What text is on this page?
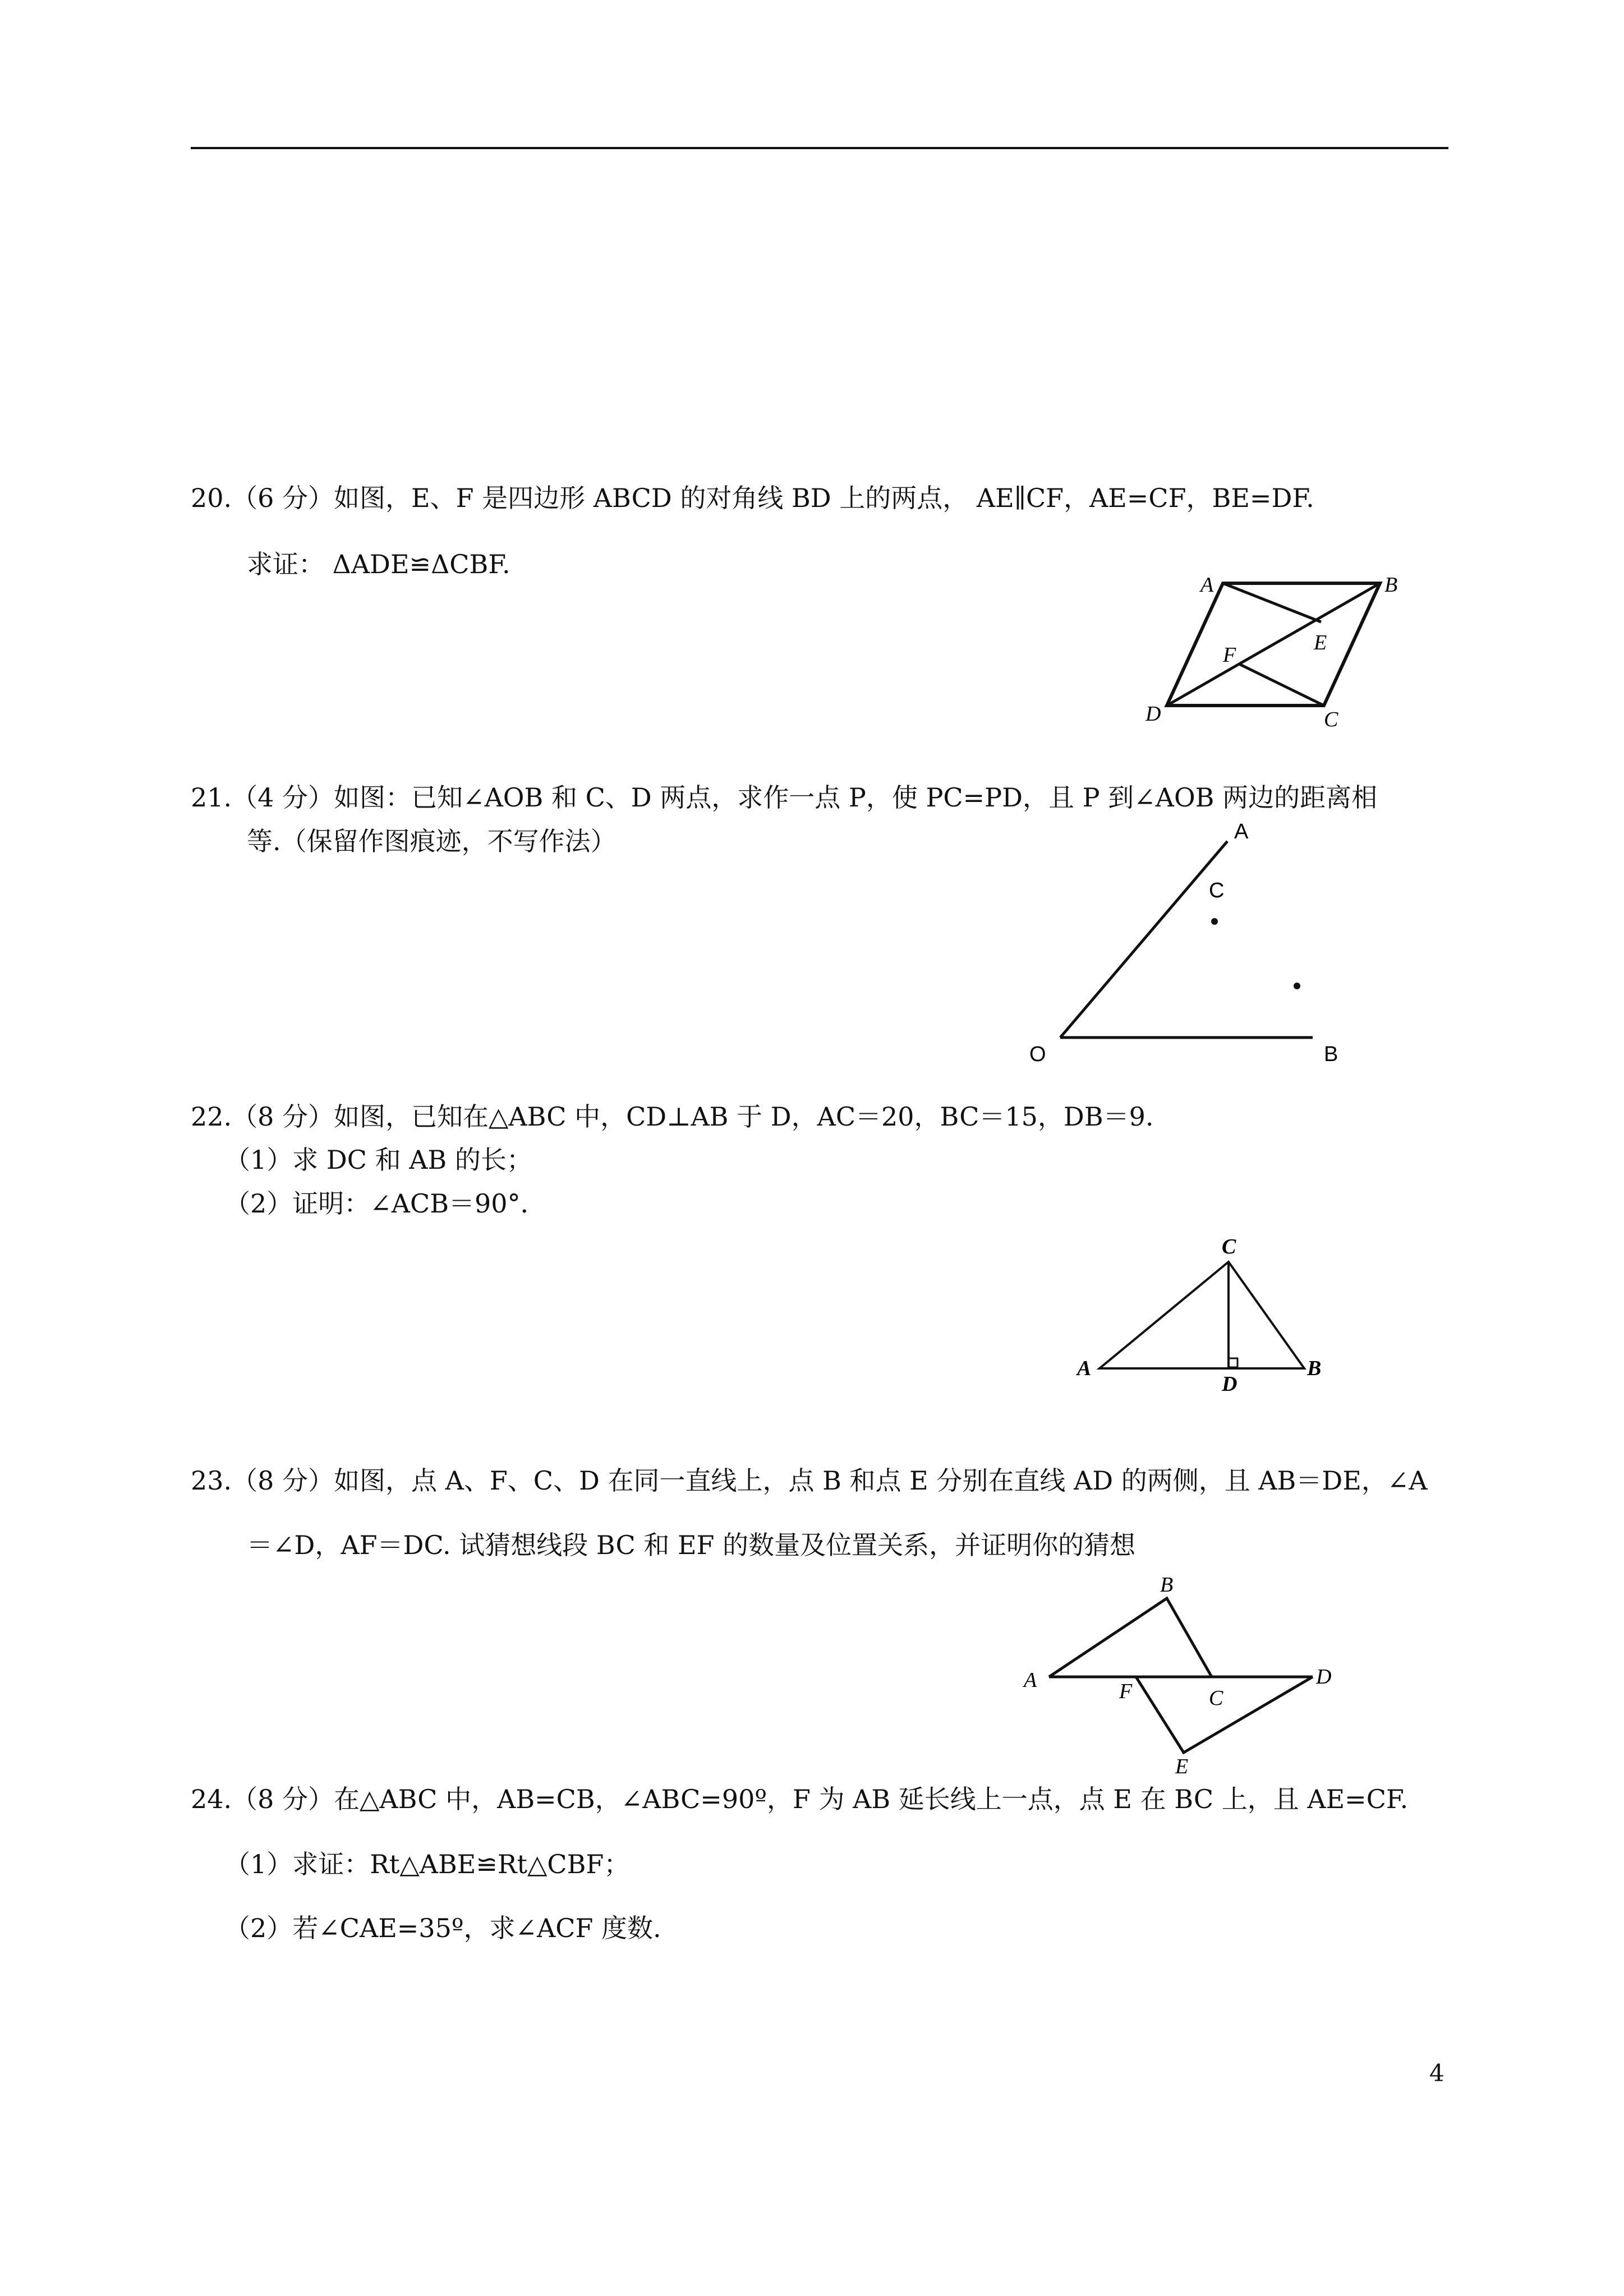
20.（6 分）如图，E、F 是四边形 ABCD 的对角线 BD 上的两点， AE∥CF，AE=CF，BE=DF.
求证： ΔADE≌ΔCBF.
A	B
C
D
E
F
21.（4 分）如图：已知∠AOB 和 C、D 两点，求作一点 P，使 PC=PD，且 P 到∠AOB 两边的距离相
等.（保留作图痕迹，不写作法）	A
C
O	B
22.（8 分）如图，已知在△ABC 中，CD⊥AB 于 D，AC＝20，BC＝15，DB＝9.
（1）求 DC 和 AB 的长；
（2）证明：∠ACB＝90°．
A
C
D
B
23.（8 分）如图，点 A、F、C、D 在同一直线上，点 B 和点 E 分别在直线 AD 的两侧，且 AB＝DE，∠A
＝∠D，AF＝DC. 试猜想线段 BC 和 EF 的数量及位置关系，并证明你的猜想
A
B
C
D
E
F
24.（8 分）在△ABC 中，AB=CB，∠ABC=90º，F 为 AB 延长线上一点，点 E 在 BC 上，且 AE=CF.
（1）求证：Rt△ABE≌Rt△CBF；
（2）若∠CAE=35º，求∠ACF 度数.
4
